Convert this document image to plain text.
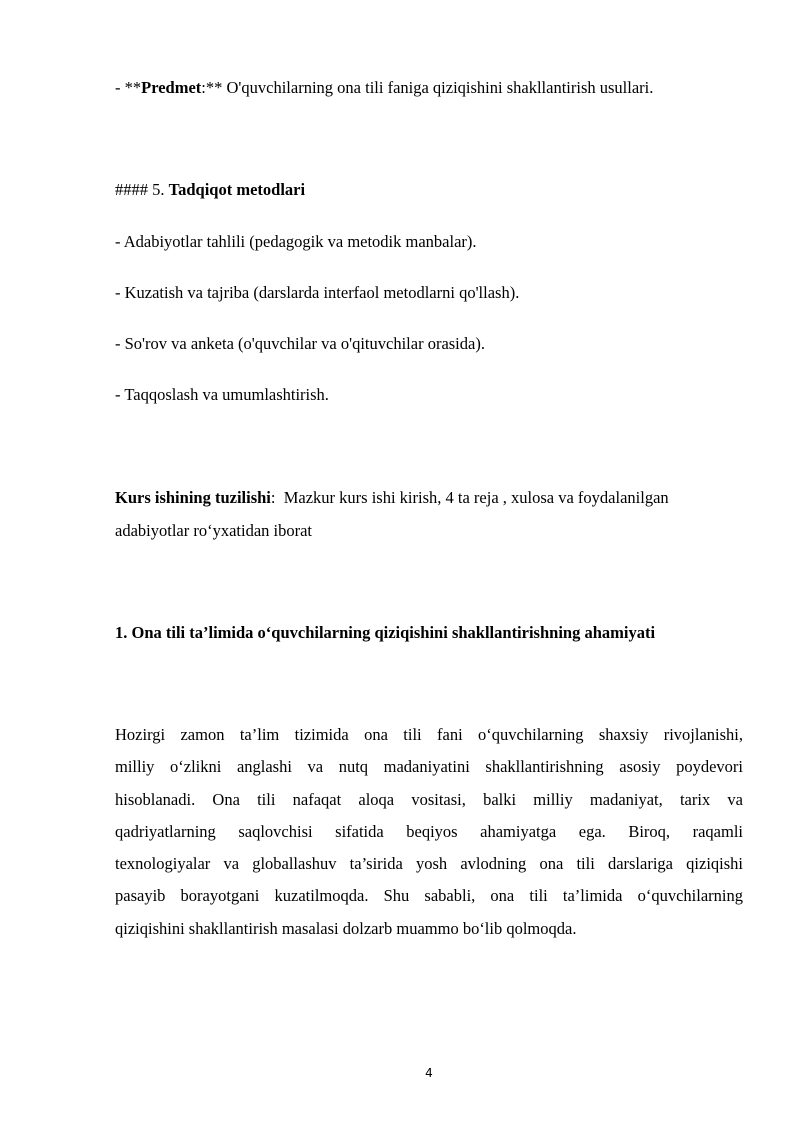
- **Predmet:** O'quvchilarning ona tili faniga qiziqishini shakllantirish usullari.
#### 5. Tadqiqot metodlari
- Adabiyotlar tahlili (pedagogik va metodik manbalar).
- Kuzatish va tajriba (darslarda interfaol metodlarni qo'llash).
- So'rov va anketa (o'quvchilar va o'qituvchilar orasida).
- Taqqoslash va umumlashtirish.
Kurs ishining tuzilishi:  Mazkur kurs ishi kirish, 4 ta reja , xulosa va foydalanilgan
adabiyotlar ro‘yxatidan iborat
1. Ona tili ta’limida o‘quvchilarning qiziqishini shakllantirishning ahamiyati
Hozirgi zamon ta’lim tizimida ona tili fani o‘quvchilarning shaxsiy rivojlanishi,
milliy o‘zlikni anglashi va nutq madaniyatini shakllantirishning asosiy poydevori
hisoblanadi. Ona tili nafaqat aloqa vositasi, balki milliy madaniyat, tarix va
qadriyatlarning saqlovchisi sifatida beqiyos ahamiyatga ega. Biroq, raqamli
texnologiyalar va globallashuv ta’sirida yosh avlodning ona tili darslariga qiziqishi
pasayib borayotgani kuzatilmoqda. Shu sababli, ona tili ta’limida o‘quvchilarning
qiziqishini shakllantirish masalasi dolzarb muammo bo‘lib qolmoqda.
4
